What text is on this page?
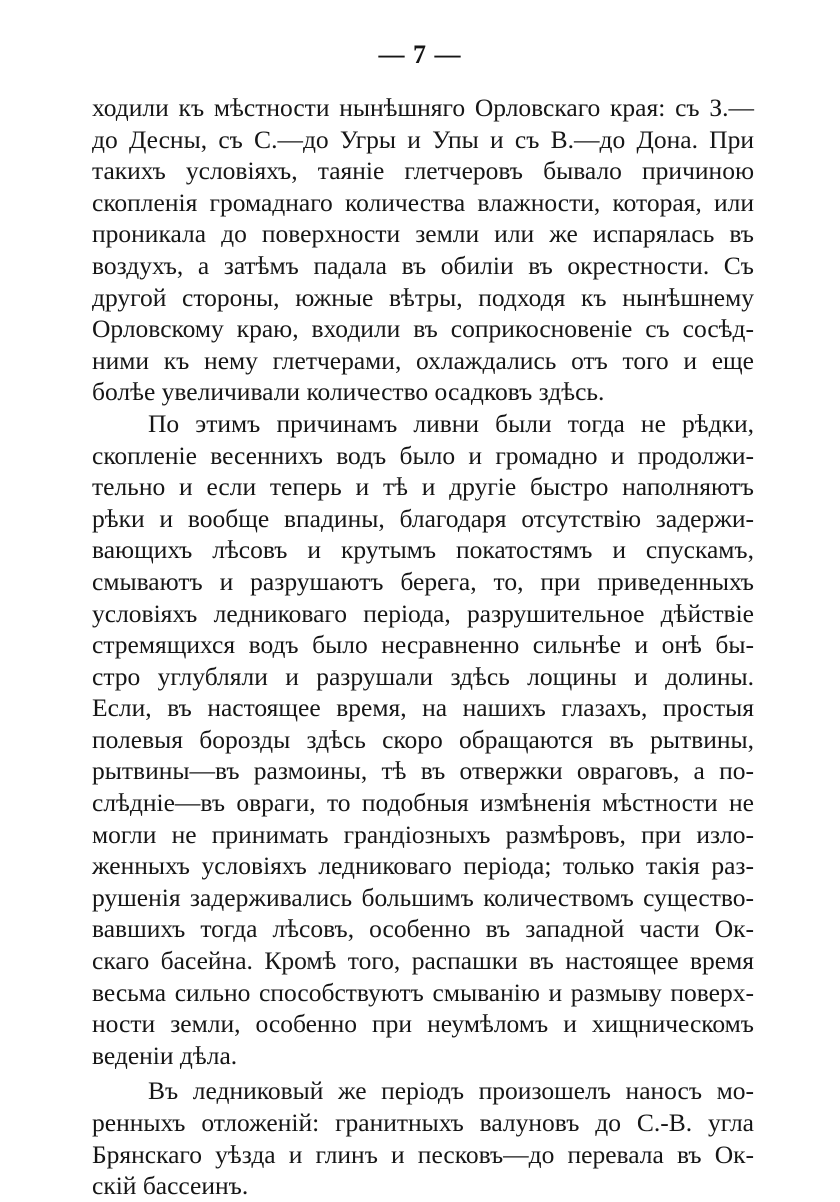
— 7 —
ходили къ мѣстности нынѣшняго Орловскаго края: съ З.—
до Десны, съ С.—до Угры и Упы и съ В.—до Дона. При
такихъ условіяхъ, таяніе глетчеровъ бывало причиною
скопленія громаднаго количества влажности, которая, или
проникала до поверхности земли или же испарялась въ
воздухъ, а затѣмъ падала въ обиліи въ окрестности. Съ
другой стороны, южные вѣтры, подходя къ нынѣшнему
Орловскому краю, входили въ соприкосновеніе съ сосѣд-
ними къ нему глетчерами, охлаждались отъ того и еще
болѣе увеличивали количество осадковъ здѣсь.
По этимъ причинамъ ливни были тогда не рѣдки,
скопленіе весеннихъ водъ было и громадно и продолжи-
тельно и если теперь и тѣ и другіе быстро наполняютъ
рѣки и вообще впадины, благодаря отсутствію задержи-
вающихъ лѣсовъ и крутымъ покатостямъ и спускамъ,
смываютъ и разрушаютъ берега, то, при приведенныхъ
условіяхъ ледниковаго періода, разрушительное дѣйствіе
стремящихся водъ было несравненно сильнѣе и онѣ бы-
стро углубляли и разрушали здѣсь лощины и долины.
Если, въ настоящее время, на нашихъ глазахъ, простыя
полевыя борозды здѣсь скоро обращаются въ рытвины,
рытвины—въ размоины, тѣ въ отвержки овраговъ, а по-
слѣдніе—въ овраги, то подобныя измѣненія мѣстности не
могли не принимать грандіозныхъ размѣровъ, при изло-
женныхъ условіяхъ ледниковаго періода; только такія раз-
рушенія задерживались большимъ количествомъ существо-
вавшихъ тогда лѣсовъ, особенно въ западной части Ок-
скаго басейна. Кромѣ того, распашки въ настоящее время
весьма сильно способствуютъ смыванію и размыву поверх-
ности земли, особенно при неумѣломъ и хищническомъ
веденіи дѣла.
Въ ледниковый же періодъ произошелъ наносъ мо-
ренныхъ отложеній: гранитныхъ валуновъ до С.-В. угла
Брянскаго уѣзда и глинъ и песковъ—до перевала въ Ок-
скій бассеинъ.
